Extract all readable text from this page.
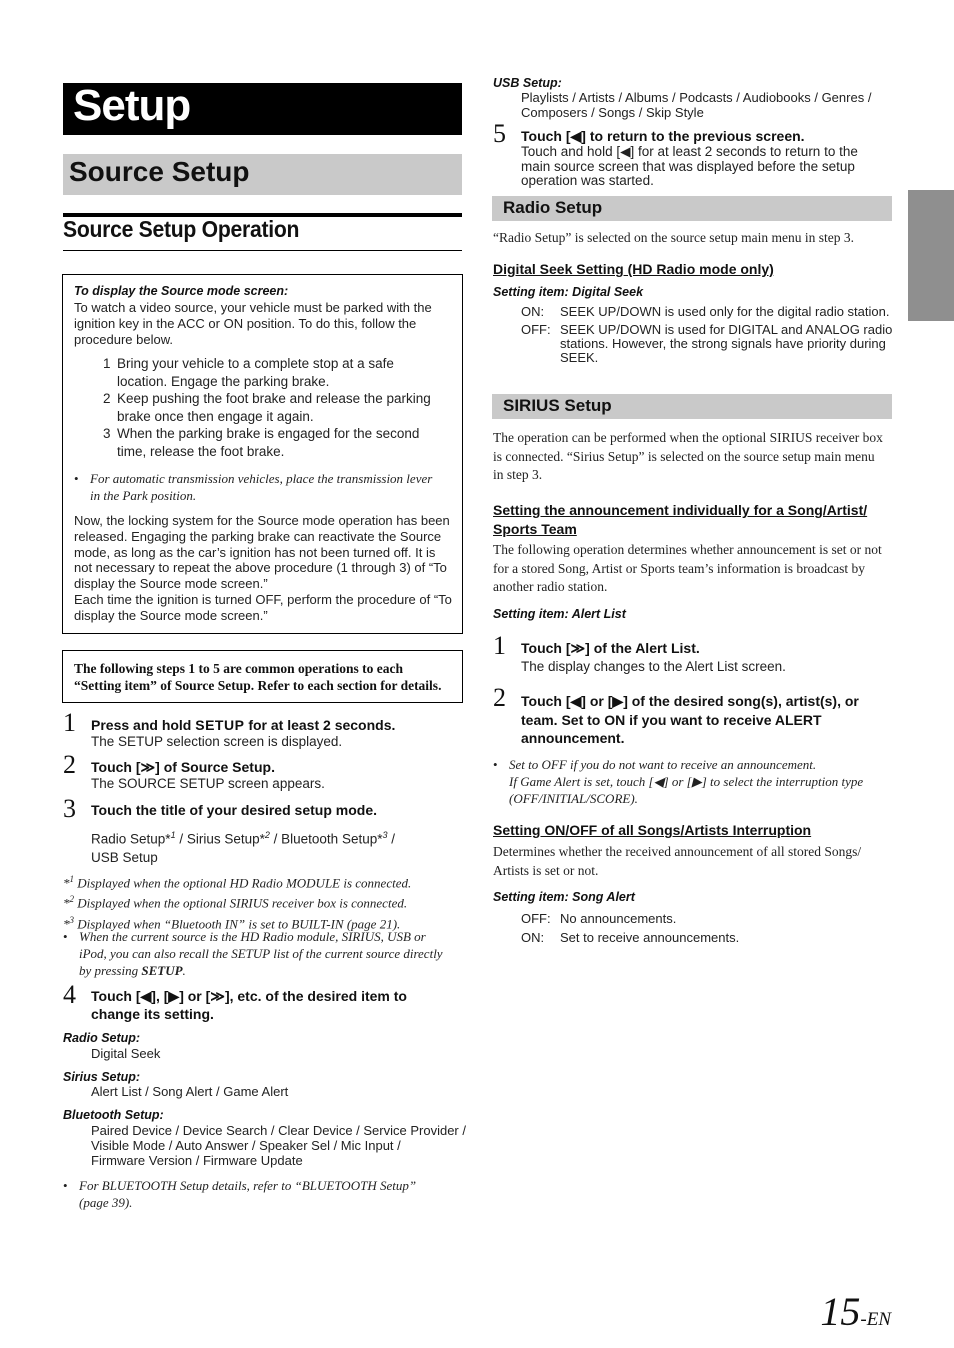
Setup
Source Setup
Source Setup Operation
To display the Source mode screen:
To watch a video source, your vehicle must be parked with the
ignition key in the ACC or ON position. To do this, follow the
procedure below.
1 Bring your vehicle to a complete stop at a safe
location. Engage the parking brake.
2 Keep pushing the foot brake and release the parking
brake once then engage it again.
3 When the parking brake is engaged for the second
time, release the foot brake.
• For automatic transmission vehicles, place the transmission lever
in the Park position.
Now, the locking system for the Source mode operation has been
released. Engaging the parking brake can reactivate the Source
mode, as long as the car’s ignition has not been turned off. It is
not necessary to repeat the above procedure (1 through 3) of “To
display the Source mode screen.”
Each time the ignition is turned OFF, perform the procedure of “To
display the Source mode screen.”
The following steps 1 to 5 are common operations to each
“Setting item” of Source Setup. Refer to each section for details.
1 Press and hold SETUP for at least 2 seconds.
The SETUP selection screen is displayed.
2 Touch [≫] of Source Setup.
The SOURCE SETUP screen appears.
3 Touch the title of your desired setup mode.
Radio Setup*$^1$ / Sirius Setup*$^2$ / Bluetooth Setup*$^3$ /
USB Setup
*$^1$ Displayed when the optional HD Radio MODULE is connected.
*$^2$ Displayed when the optional SIRIUS receiver box is connected.
*$^3$ Displayed when “Bluetooth IN” is set to BUILT-IN (page 21).
• When the current source is the HD Radio module, SIRIUS, USB or
iPod, you can also recall the SETUP list of the current source directly
by pressing SETUP.
4 Touch [◀], [▶] or [≫], etc. of the desired item to
change its setting.
Radio Setup:
Digital Seek
Sirius Setup:
Alert List / Song Alert / Game Alert
Bluetooth Setup:
Paired Device / Device Search / Clear Device / Service Provider /
Visible Mode / Auto Answer / Speaker Sel / Mic Input /
Firmware Version / Firmware Update
• For BLUETOOTH Setup details, refer to “BLUETOOTH Setup”
(page 39).
USB Setup:
Playlists / Artists / Albums / Podcasts / Audiobooks / Genres /
Composers / Songs / Skip Style
5 Touch [◀] to return to the previous screen.
Touch and hold [◀] for at least 2 seconds to return to the
main source screen that was displayed before the setup
operation was started.
Radio Setup
“Radio Setup” is selected on the source setup main menu in step 3.
Digital Seek Setting (HD Radio mode only)
Setting item: Digital Seek
ON:	SEEK UP/DOWN is used only for the digital radio station.
OFF: SEEK UP/DOWN is used for DIGITAL and ANALOG radio
stations. However, the strong signals have priority during
SEEK.
SIRIUS Setup
The operation can be performed when the optional SIRIUS receiver box
is connected. “Sirius Setup” is selected on the source setup main menu
in step 3.
Setting the announcement individually for a Song/Artist/
Sports Team
The following operation determines whether announcement is set or not
for a stored Song, Artist or Sports team’s information is broadcast by
another radio station.
Setting item: Alert List
1 Touch [≫] of the Alert List.
The display changes to the Alert List screen.
2 Touch [◀] or [▶] of the desired song(s), artist(s), or
team. Set to ON if you want to receive ALERT
announcement.
• Set to OFF if you do not want to receive an announcement.
If Game Alert is set, touch [◀] or [▶] to select the interruption type
(OFF/INITIAL/SCORE).
Setting ON/OFF of all Songs/Artists Interruption
Determines whether the received announcement of all stored Songs/
Artists is set or not.
Setting item: Song Alert
OFF: No announcements.
ON:	Set to receive announcements.
15-EN
